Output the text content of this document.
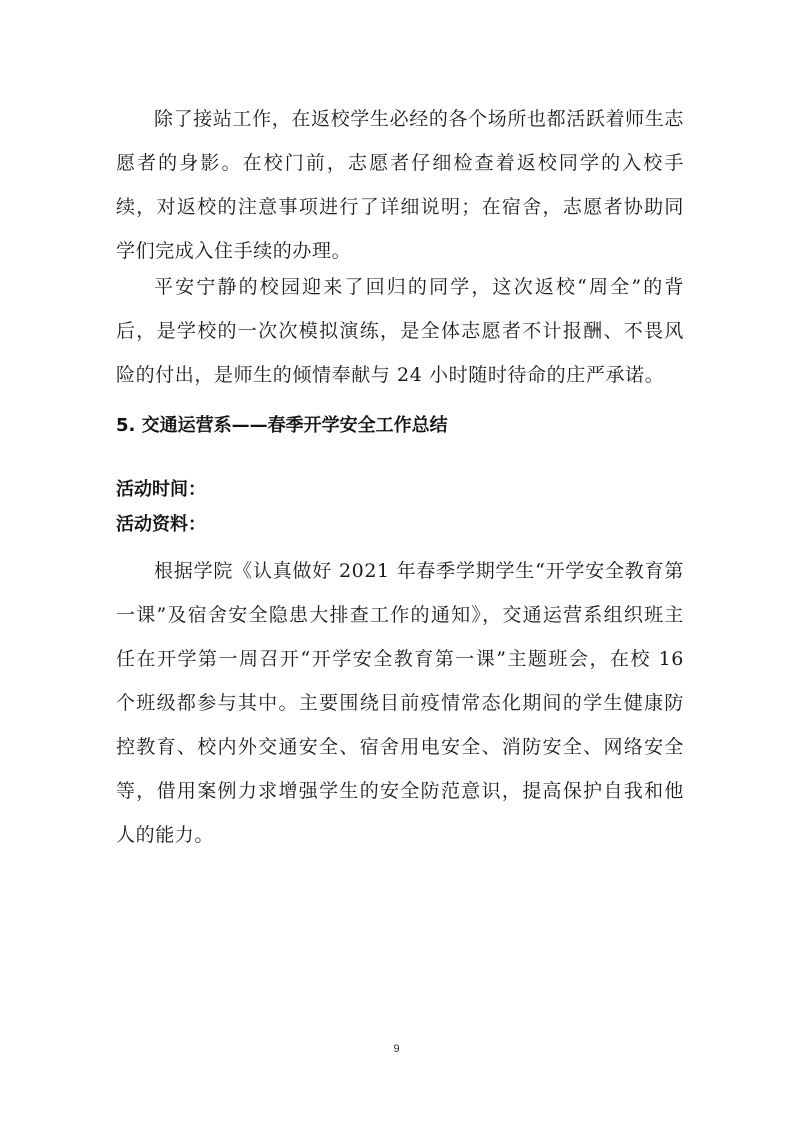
除了接站工作，在返校学生必经的各个场所也都活跃着师生志愿者的身影。在校门前，志愿者仔细检查着返校同学的入校手续，对返校的注意事项进行了详细说明；在宿舍，志愿者协助同学们完成入住手续的办理。

平安宁静的校园迎来了回归的同学，这次返校“周全”的背后，是学校的一次次模拟演练，是全体志愿者不计报酬、不畏风险的付出，是师生的倾情奉献与 24 小时随时待命的庄严承诺。

5. 交通运营系——春季开学安全工作总结
活动时间：
活动资料：

根据学院《认真做好 2021 年春季学期学生“开学安全教育第一课”及宿舍安全隐患大排查工作的通知》，交通运营系组织班主任在开学第一周召开“开学安全教育第一课”主题班会，在校 16 个班级都参与其中。主要围绕目前疫情常态化期间的学生健康防控教育、校内外交通安全、宿舍用电安全、消防安全、网络安全等，借用案例力求增强学生的安全防范意识，提高保护自我和他人的能力。

9
